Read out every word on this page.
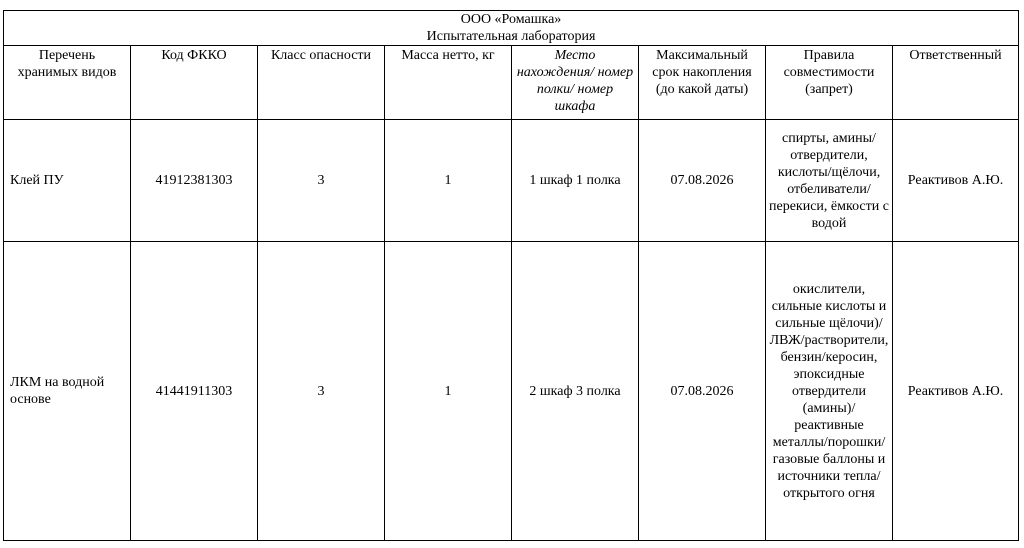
ООО «Ромашка»
Испытательная лаборатория							

Перечень хранимых видов	Код ФККО	Класс опасности	Масса нетто, кг	Место нахождения/ номер полки/ номер шкафа	Максимальный срок накопления (до какой даты)	Правила совместимости (запрет)	Ответственный
Клей ПУ	41912381303	3	1	1 шкаф 1 полка	07.08.2026	спирты, амины/отвердители, кислоты/щёлочи, отбеливатели/перекиси, ёмкости с водой	Реактивов А.Ю.
ЛКМ на водной основе	41441911303	3	1	2 шкаф 3 полка	07.08.2026	окислители, сильные кислоты и сильные щёлочи)/ЛВЖ/растворители, бензин/керосин, эпоксидные отвердители (амины)/реактивные металлы/порошки/газовые баллоны и источники тепла/открытого огня	Реактивов А.Ю.
